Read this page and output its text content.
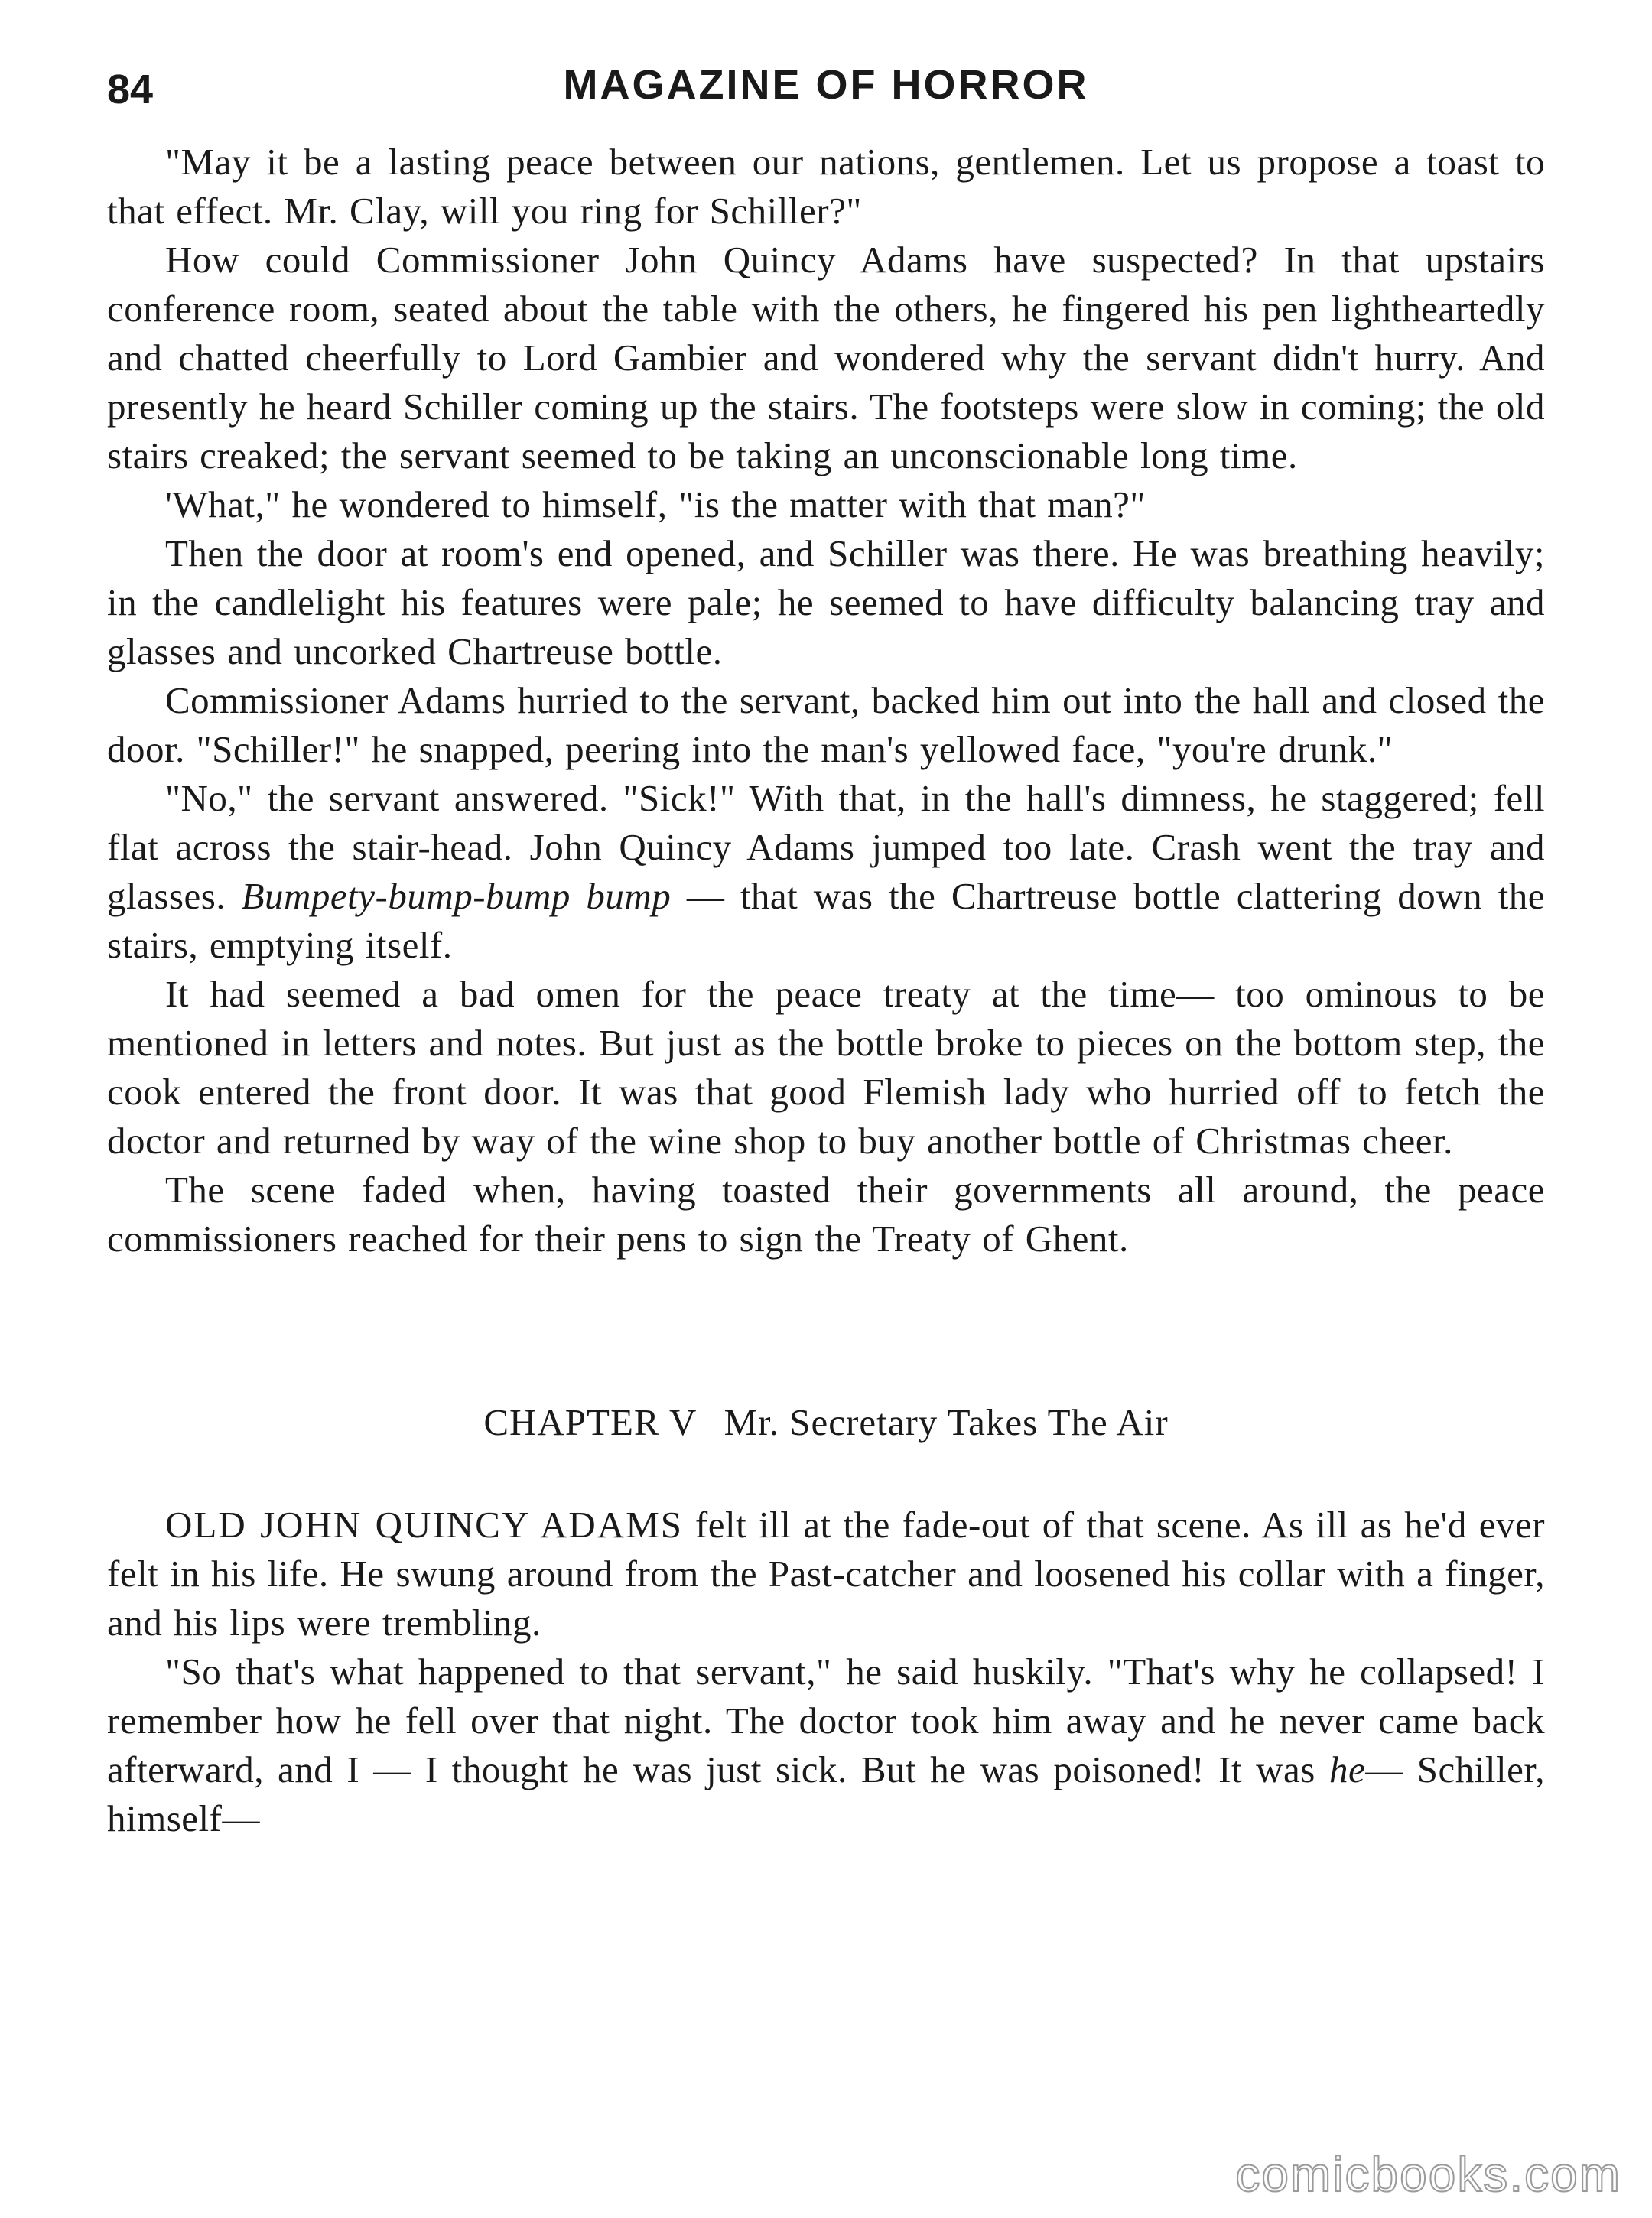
84	MAGAZINE OF HORROR

"May it be a lasting peace between our nations, gentlemen. Let us propose a toast to that effect. Mr. Clay, will you ring for Schiller?"

How could Commissioner John Quincy Adams have suspected? In that upstairs conference room, seated about the table with the others, he fingered his pen lightheartedly and chatted cheerfully to Lord Gambier and wondered why the servant didn't hurry. And presently he heard Schiller coming up the stairs. The footsteps were slow in coming; the old stairs creaked; the servant seemed to be taking an unconscionable long time.

'What," he wondered to himself, "is the matter with that man?"

Then the door at room's end opened, and Schiller was there. He was breathing heavily; in the candlelight his features were pale; he seemed to have difficulty balancing tray and glasses and uncorked Chartreuse bottle.

Commissioner Adams hurried to the servant, backed him out into the hall and closed the door. "Schiller!" he snapped, peering into the man's yellowed face, "you're drunk."

"No," the servant answered. "Sick!" With that, in the hall's dimness, he staggered; fell flat across the stair-head. John Quincy Adams jumped too late. Crash went the tray and glasses. Bumpety-bump-bump bump — that was the Chartreuse bottle clattering down the stairs, emptying itself.

It had seemed a bad omen for the peace treaty at the time— too ominous to be mentioned in letters and notes. But just as the bottle broke to pieces on the bottom step, the cook entered the front door. It was that good Flemish lady who hurried off to fetch the doctor and returned by way of the wine shop to buy another bottle of Christmas cheer.

The scene faded when, having toasted their governments all around, the peace commissioners reached for their pens to sign the Treaty of Ghent.

CHAPTER V Mr. Secretary Takes The Air

OLD JOHN QUINCY ADAMS felt ill at the fade-out of that scene. As ill as he'd ever felt in his life. He swung around from the Past-catcher and loosened his collar with a finger, and his lips were trembling.

"So that's what happened to that servant," he said huskily. "That's why he collapsed! I remember how he fell over that night. The doctor took him away and he never came back afterward, and I — I thought he was just sick. But he was poisoned! It was he— Schiller, himself—

comicbooks.com
